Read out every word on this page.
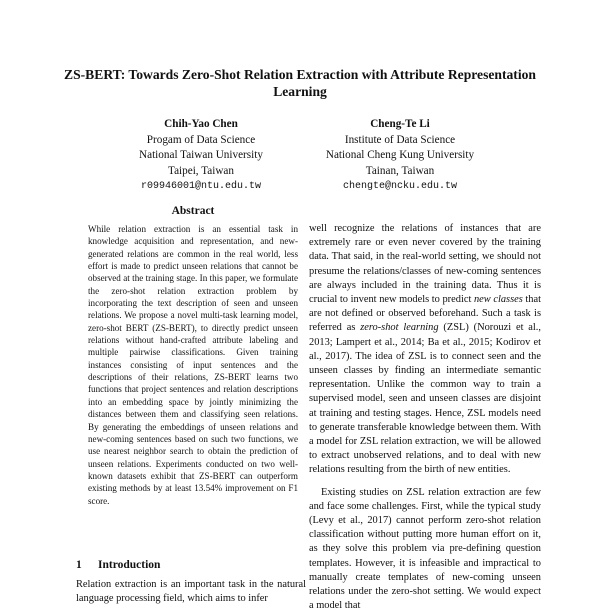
ZS-BERT: Towards Zero-Shot Relation Extraction with Attribute Representation Learning
Chih-Yao Chen
Progam of Data Science
National Taiwan University
Taipei, Taiwan
r09946001@ntu.edu.tw
Cheng-Te Li
Institute of Data Science
National Cheng Kung University
Tainan, Taiwan
chengte@ncku.edu.tw
Abstract
While relation extraction is an essential task in knowledge acquisition and representation, and new-generated relations are common in the real world, less effort is made to predict unseen relations that cannot be observed at the training stage. In this paper, we formulate the zero-shot relation extraction problem by incorporating the text description of seen and unseen relations. We propose a novel multi-task learning model, zero-shot BERT (ZS-BERT), to directly predict unseen relations without hand-crafted attribute labeling and multiple pairwise classifications. Given training instances consisting of input sentences and the descriptions of their relations, ZS-BERT learns two functions that project sentences and relation descriptions into an embedding space by jointly minimizing the distances between them and classifying seen relations. By generating the embeddings of unseen relations and new-coming sentences based on such two functions, we use nearest neighbor search to obtain the prediction of unseen relations. Experiments conducted on two well-known datasets exhibit that ZS-BERT can outperform existing methods by at least 13.54% improvement on F1 score.
1 Introduction
Relation extraction is an important task in the natural language processing field, which aims to infer

well recognize the relations of instances that are extremely rare or even never covered by the training data. That said, in the real-world setting, we should not presume the relations/classes of new-coming sentences are always included in the training data. Thus it is crucial to invent new models to predict new classes that are not defined or observed beforehand. Such a task is referred as zero-shot learning (ZSL) (Norouzi et al., 2013; Lampert et al., 2014; Ba et al., 2015; Kodirov et al., 2017). The idea of ZSL is to connect seen and the unseen classes by finding an intermediate semantic representation. Unlike the common way to train a supervised model, seen and unseen classes are disjoint at training and testing stages. Hence, ZSL models need to generate transferable knowledge between them. With a model for ZSL relation extraction, we will be allowed to extract unobserved relations, and to deal with new relations resulting from the birth of new entities.

Existing studies on ZSL relation extraction are few and face some challenges. First, while the typical study (Levy et al., 2017) cannot perform zero-shot relation classification without putting more human effort on it, as they solve this problem via pre-defining question templates. However, it is infeasible and impractical to manually create templates of new-coming unseen relations under the zero-shot setting. We would expect a model that
